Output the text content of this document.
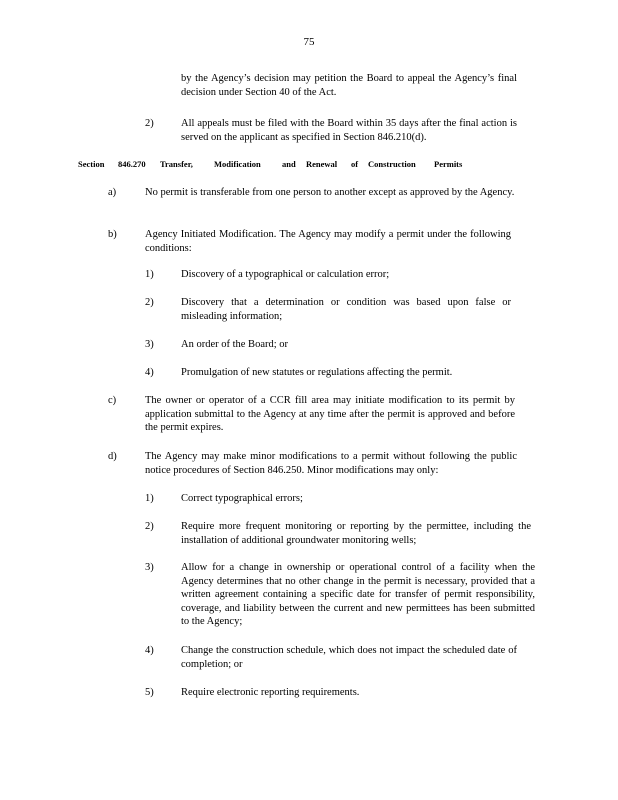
75

by the Agency’s decision may petition the Board to appeal the Agency’s final decision under Section 40 of the Act.

2)	All appeals must be filed with the Board within 35 days after the final action is served on the applicant as specified in Section 846.210(d).

Section 846.270 Transfer, Modification	and Renewal of Construction Permits

a)	No permit is transferable from one person to another except as approved by the Agency.

b)	Agency Initiated Modification. The Agency may modify a permit under the following conditions:

1)	Discovery of a typographical or calculation error;

2)	Discovery that a determination or condition was based upon false or misleading information;

3)	An order of the Board; or

4)	Promulgation of new statutes or regulations affecting the permit.

c)	The owner or operator of a CCR fill area may initiate modification to its permit by application submittal to the Agency at any time after the permit is approved and before the permit expires.

d)	The Agency may make minor modifications to a permit without following the public notice procedures of Section 846.250. Minor modifications may only:

1)	Correct typographical errors;

2)	Require more frequent monitoring or reporting by the permittee, including the installation of additional groundwater monitoring wells;

3)	Allow for a change in ownership or operational control of a facility when the Agency determines that no other change in the permit is necessary, provided that a written agreement containing a specific date for transfer of permit responsibility, coverage, and liability between the current and new permittees has been submitted to the Agency;

4)	Change the construction schedule, which does not impact the scheduled date of completion; or

5)	Require electronic reporting requirements.
